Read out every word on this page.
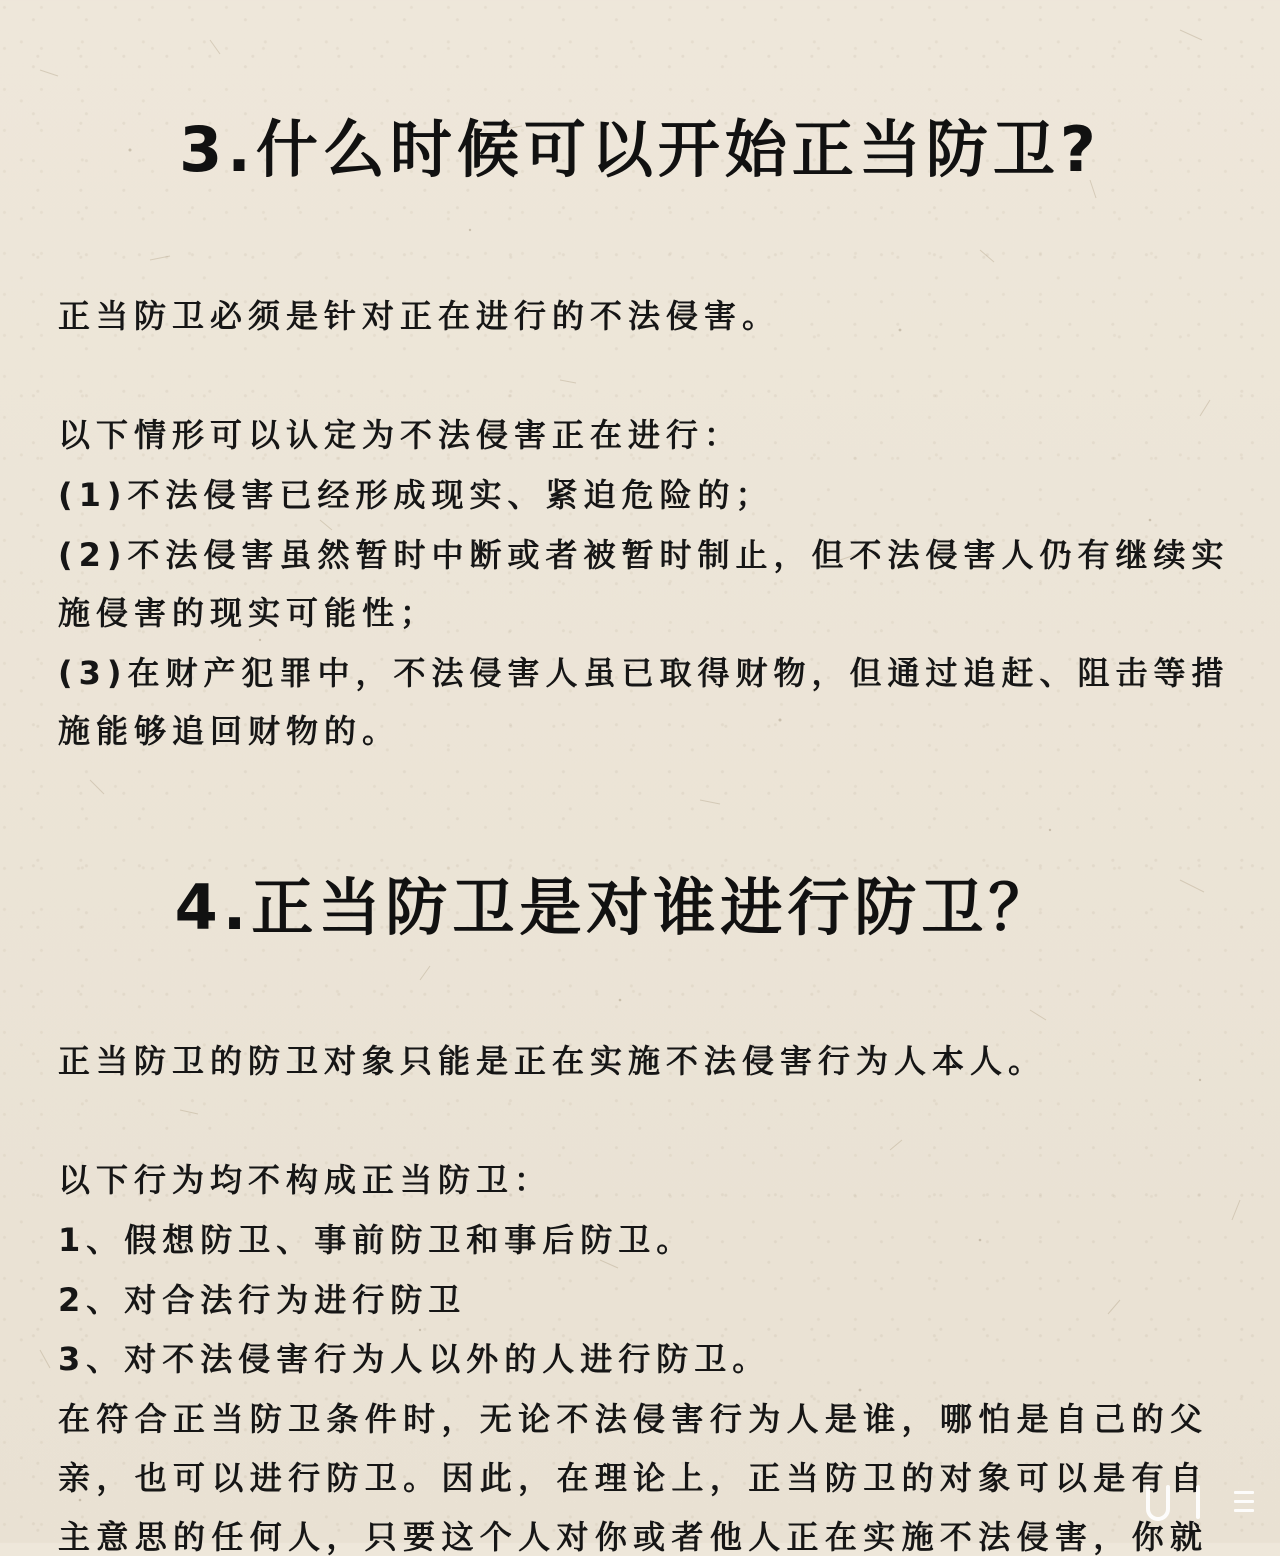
3.什么时候可以开始正当防卫?

正当防卫必须是针对正在进行的不法侵害。

以下情形可以认定为不法侵害正在进行：

(1)不法侵害已经形成现实、紧迫危险的；

(2)不法侵害虽然暂时中断或者被暂时制止，但不法侵害人仍有继续实

施侵害的现实可能性；

(3)在财产犯罪中，不法侵害人虽已取得财物，但通过追赶、阻击等措

施能够追回财物的。

4.正当防卫是对谁进行防卫？

正当防卫的防卫对象只能是正在实施不法侵害行为人本人。

以下行为均不构成正当防卫：

1、假想防卫、事前防卫和事后防卫。

2、对合法行为进行防卫

3、对不法侵害行为人以外的人进行防卫。

在符合正当防卫条件时，无论不法侵害行为人是谁，哪怕是自己的父

亲，也可以进行防卫。因此，在理论上，正当防卫的对象可以是有自

主意思的任何人，只要这个人对你或者他人正在实施不法侵害，你就
